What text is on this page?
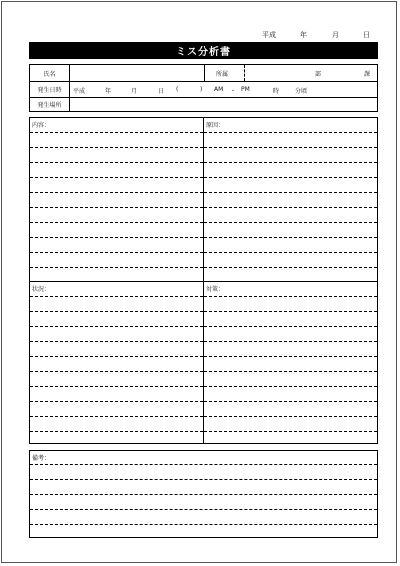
平成	年	月	日
ミス分析書
氏名	所属	部	課
発生日時 平成	年	月	日 (	) AM ・ PM	時	分頃
発生場所
内容：	原因：
状況：	対策：
備考：
